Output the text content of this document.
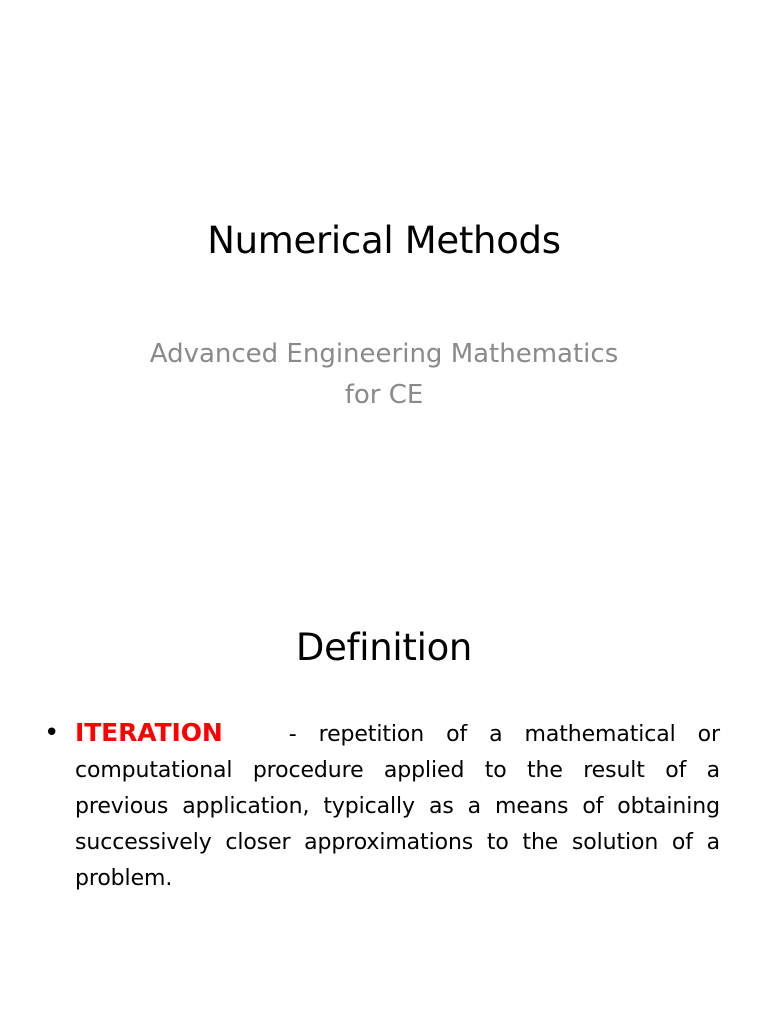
Numerical Methods
Advanced Engineering Mathematics
for CE
Definition
• ITERATION	- repetition of a mathematical or computational procedure applied to the result of a previous application, typically as a means of obtaining successively closer approximations to the solution of a problem.
